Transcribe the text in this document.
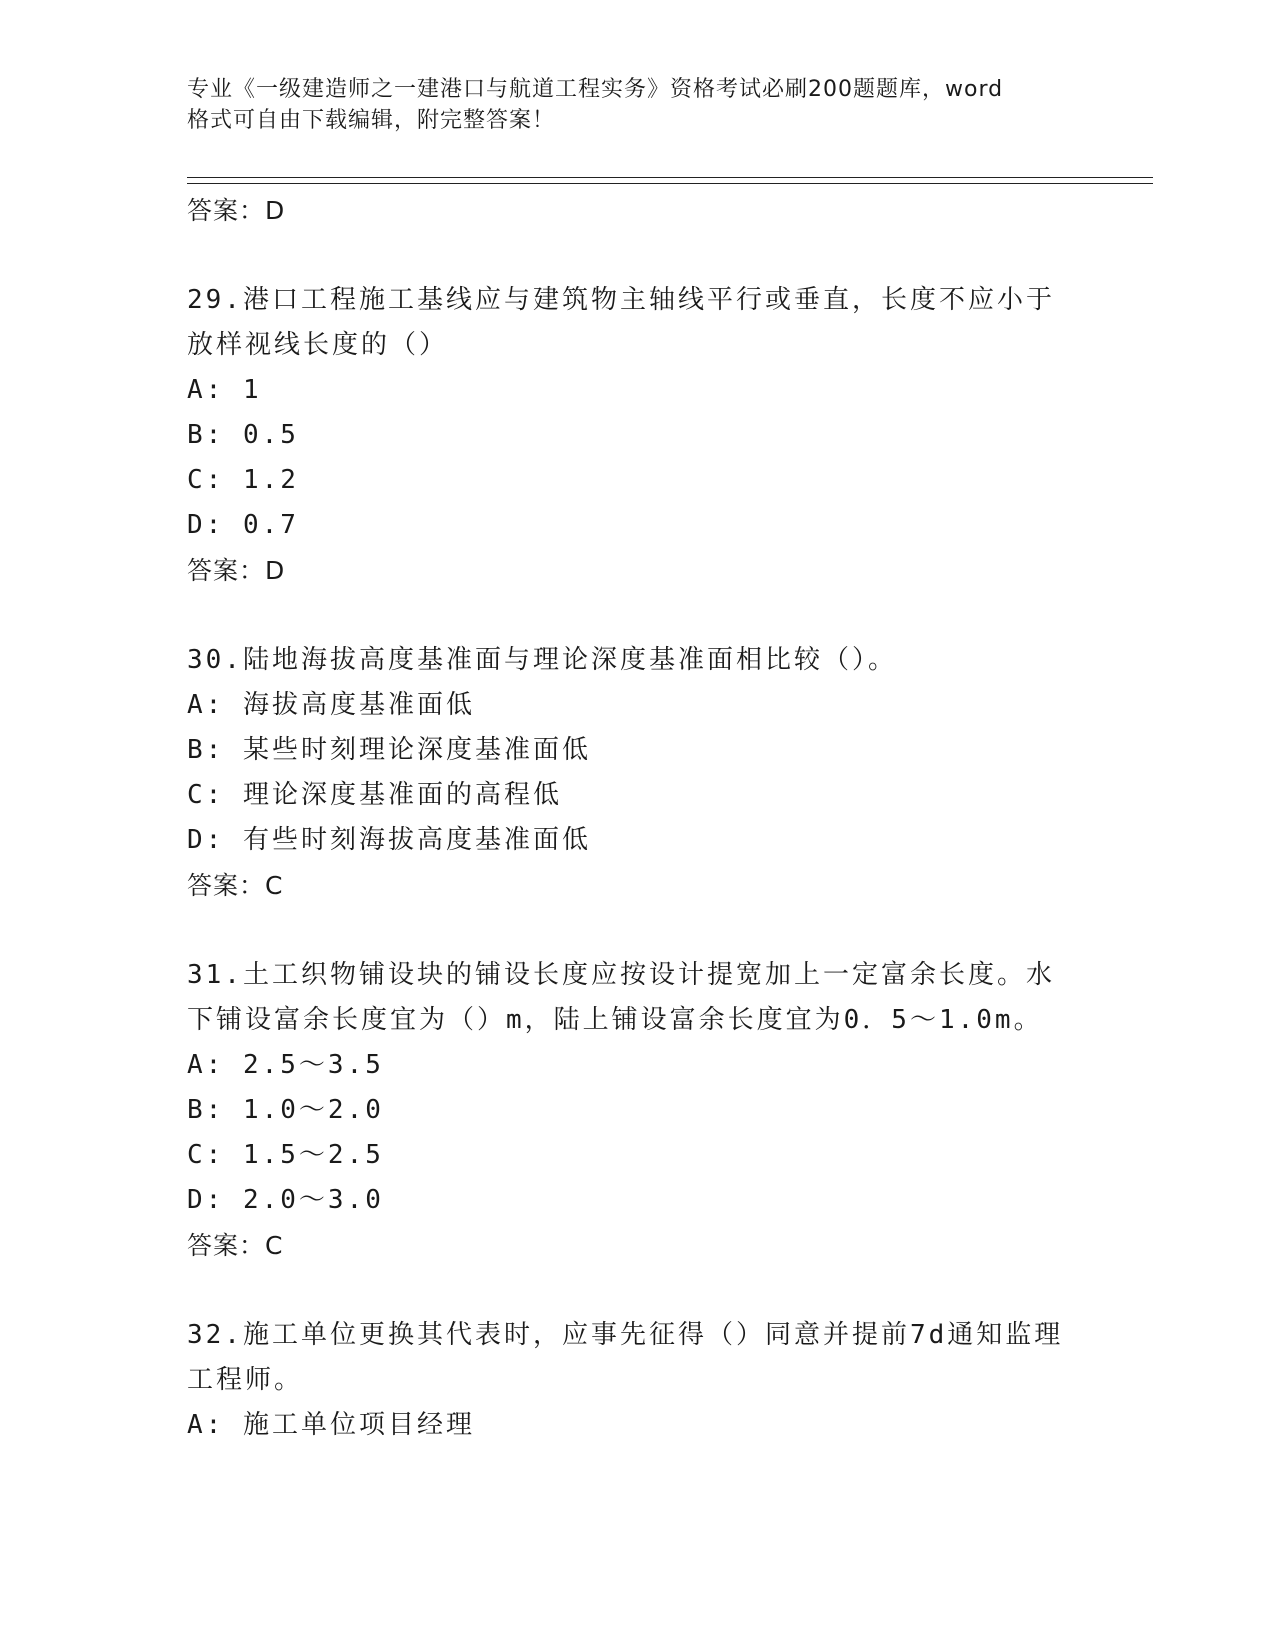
专业《一级建造师之一建港口与航道工程实务》资格考试必刷200题题库，word
格式可自由下载编辑，附完整答案！
答案：D
29.港口工程施工基线应与建筑物主轴线平行或垂直，长度不应小于放样视线长度的（）
A: 1
B: 0.5
C: 1.2
D: 0.7
答案：D
30.陆地海拔高度基准面与理论深度基准面相比较（）。
A: 海拔高度基准面低
B: 某些时刻理论深度基准面低
C: 理论深度基准面的高程低
D: 有些时刻海拔高度基准面低
答案：C
31.土工织物铺设块的铺设长度应按设计提宽加上一定富余长度。水下铺设富余长度宜为（）m，陆上铺设富余长度宜为0．5～1.0m。
A: 2.5～3.5
B: 1.0～2.0
C: 1.5～2.5
D: 2.0～3.0
答案：C
32.施工单位更换其代表时，应事先征得（）同意并提前7d通知监理工程师。
A: 施工单位项目经理
